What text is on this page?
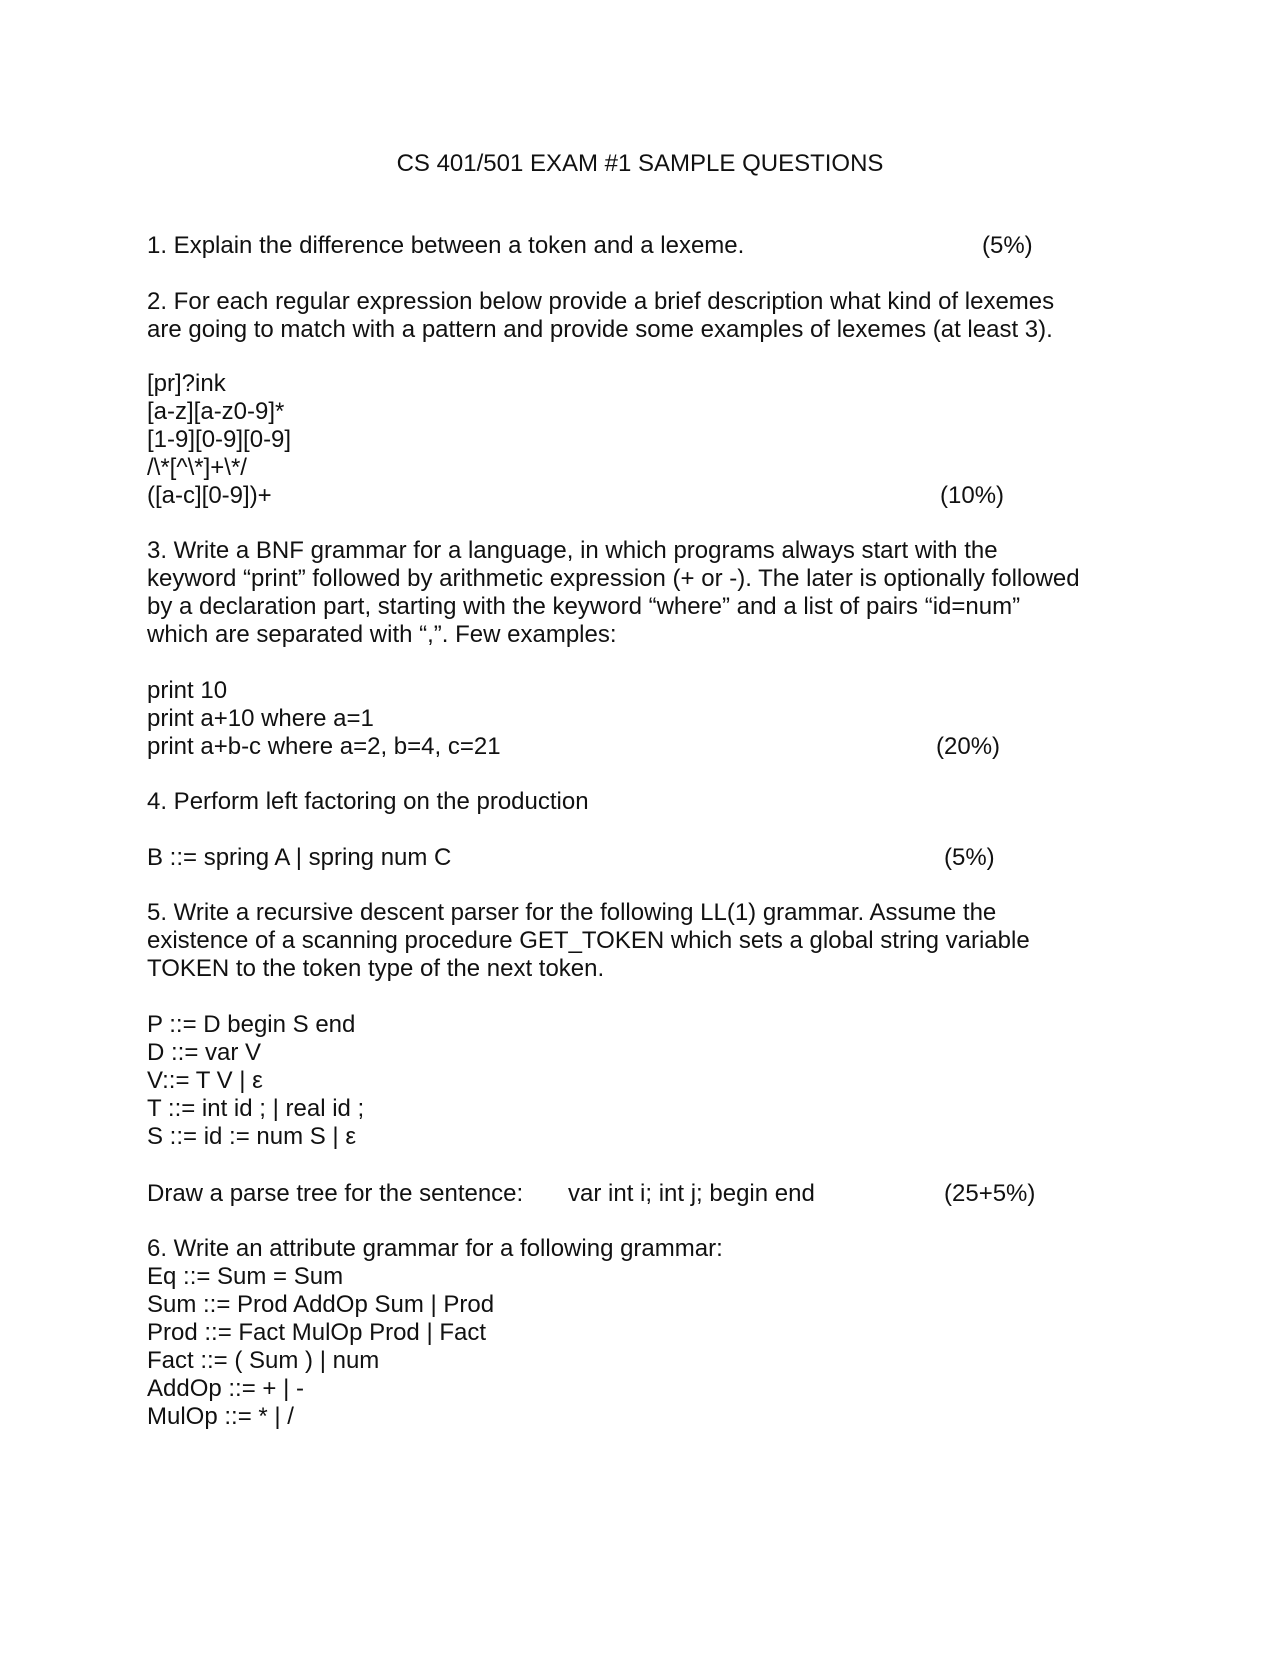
CS 401/501 EXAM #1 SAMPLE QUESTIONS
1. Explain the difference between a token and a lexeme.	(5%)
2. For each regular expression below provide a brief description what kind of lexemes
are going to match with a pattern and provide some examples of lexemes (at least 3).
[pr]?ink
[a-z][a-z0-9]*
[1-9][0-9][0-9]
/\*[^\*]+\*/
([a-c][0-9])+	(10%)
3. Write a BNF grammar for a language, in which programs always start with the
keyword “print” followed by arithmetic expression (+ or -). The later is optionally followed
by a declaration part, starting with the keyword “where” and a list of pairs “id=num”
which are separated with “,”. Few examples:
print 10
print a+10 where a=1
print a+b-c where a=2, b=4, c=21	(20%)
4. Perform left factoring on the production
B ::= spring A | spring num C	(5%)
5. Write a recursive descent parser for the following LL(1) grammar. Assume the
existence of a scanning procedure GET_TOKEN which sets a global string variable
TOKEN to the token type of the next token.
P ::= D begin S end
D ::= var V
V::= T V | ε
T ::= int id ; | real id ;
S ::= id := num S | ε
Draw a parse tree for the sentence: var int i; int j; begin end	(25+5%)
6. Write an attribute grammar for a following grammar:
Eq ::= Sum = Sum
Sum ::= Prod AddOp Sum | Prod
Prod ::= Fact MulOp Prod | Fact
Fact ::= ( Sum ) | num
AddOp ::= + | -
MulOp ::= * | /
